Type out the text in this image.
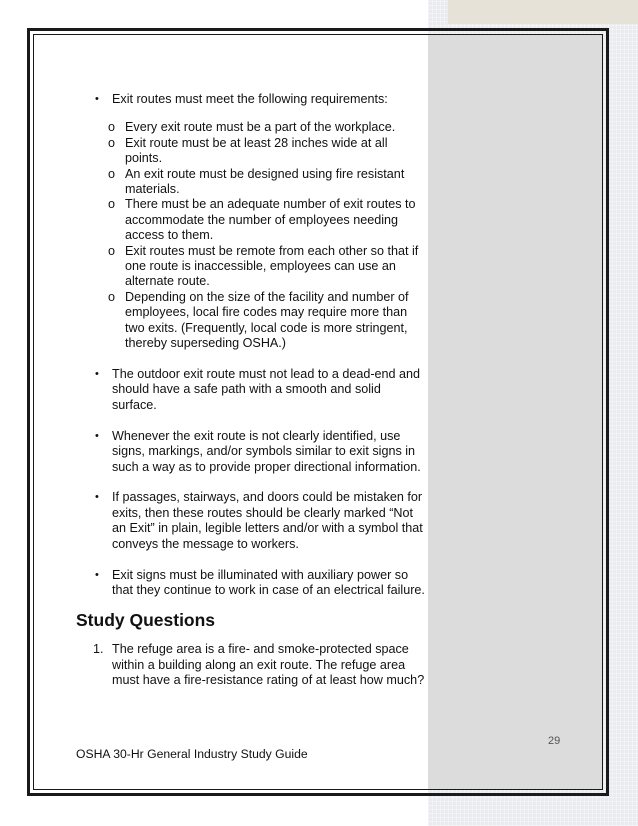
• Exit routes must meet the following requirements:

o Every exit route must be a part of the workplace.

o Exit route must be at least 28 inches wide at all points.

o An exit route must be designed using fire resistant materials.

o There must be an adequate number of exit routes to accommodate the number of employees needing access to them.

o Exit routes must be remote from each other so that if one route is inaccessible, employees can use an alternate route.

o Depending on the size of the facility and number of employees, local fire codes may require more than two exits. (Frequently, local code is more stringent, thereby superseding OSHA.)

• The outdoor exit route must not lead to a dead-end and should have a safe path with a smooth and solid surface.

• Whenever the exit route is not clearly identified, use signs, markings, and/or symbols similar to exit signs in such a way as to provide proper directional information.

• If passages, stairways, and doors could be mistaken for exits, then these routes should be clearly marked “Not an Exit” in plain, legible letters and/or with a symbol that conveys the message to workers.

• Exit signs must be illuminated with auxiliary power so that they continue to work in case of an electrical failure.

Study Questions

1. The refuge area is a fire- and smoke-protected space within a building along an exit route. The refuge area must have a fire-resistance rating of at least how much?

29
OSHA 30-Hr General Industry Study Guide
